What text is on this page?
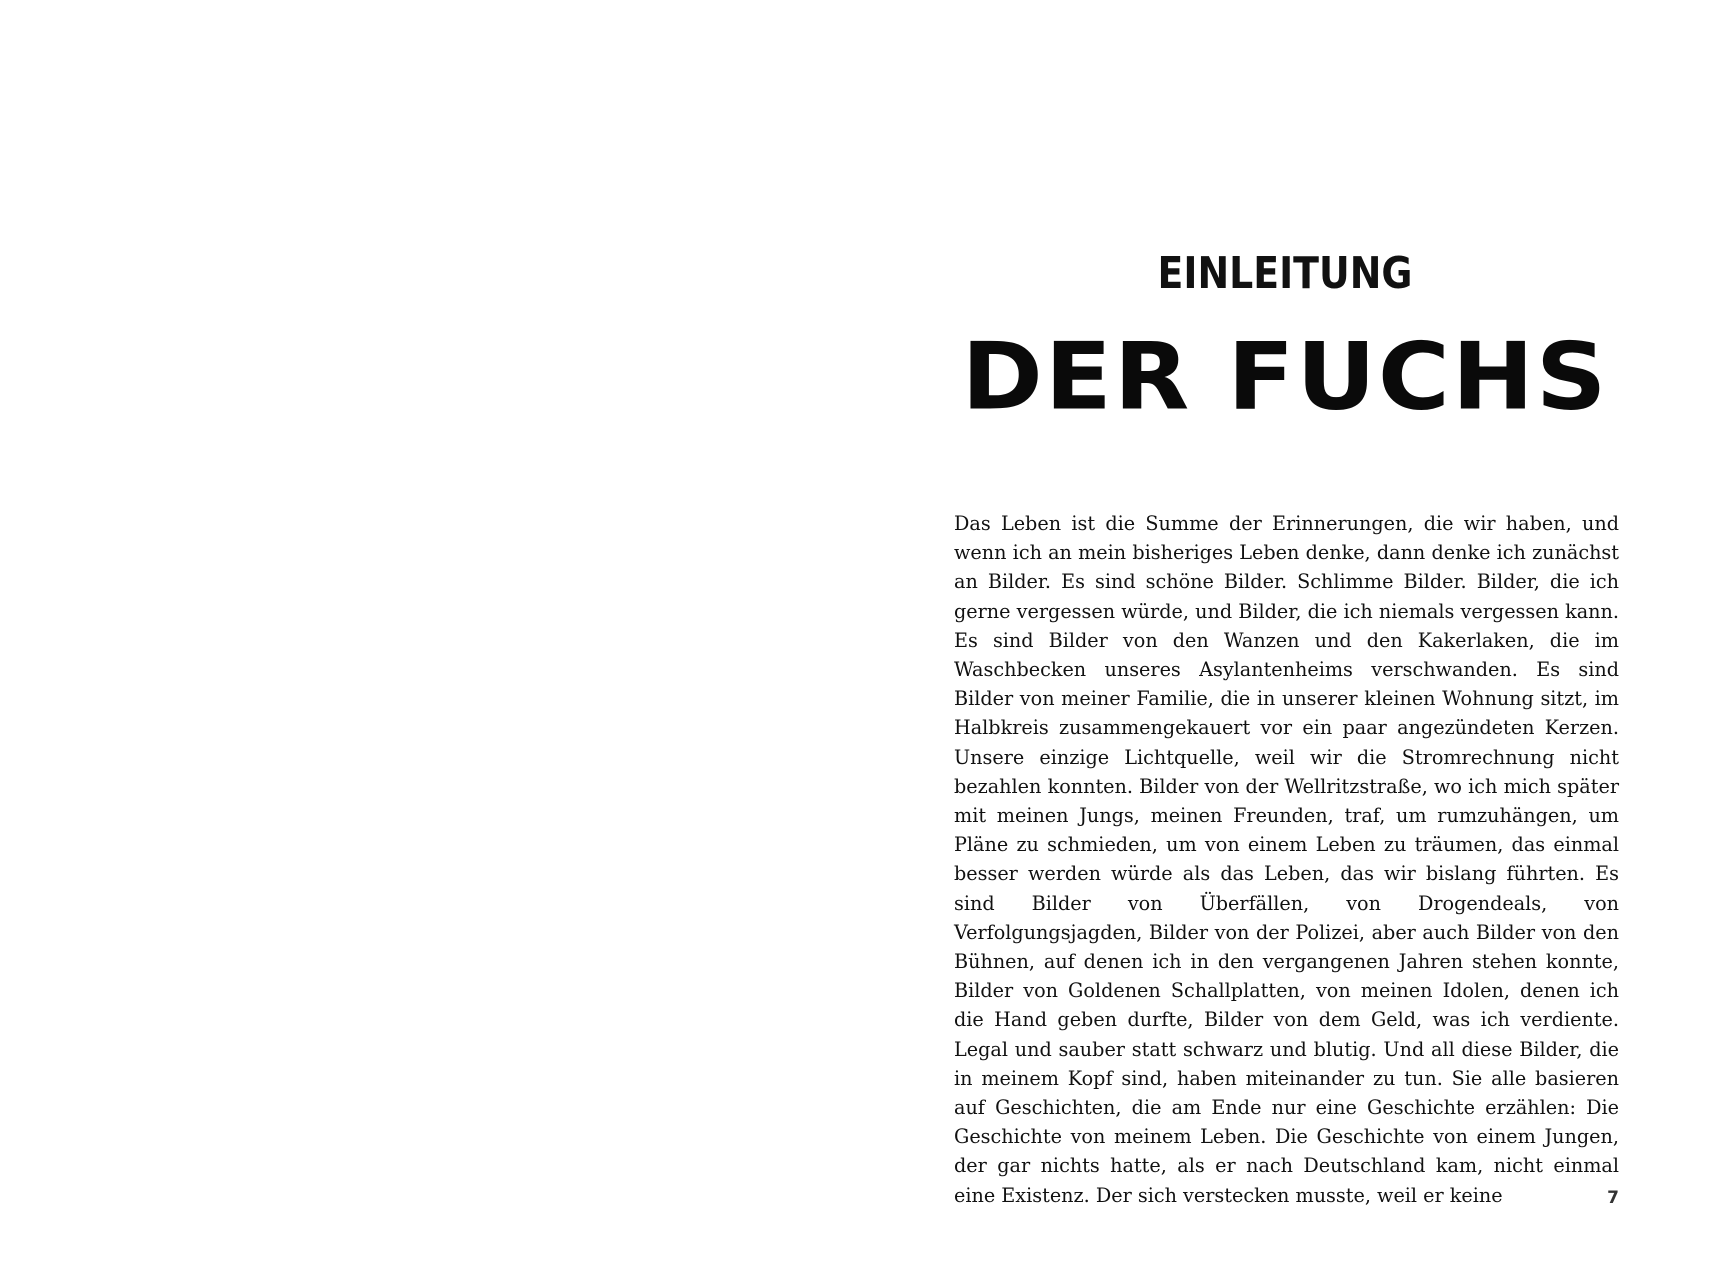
EINLEITUNG
DER FUCHS

Das Leben ist die Summe der Erinnerungen, die wir haben, und wenn ich an mein bisheriges Leben denke, dann denke ich zunächst an Bilder. Es sind schöne Bilder. Schlimme Bilder. Bilder, die ich gerne vergessen würde, und Bilder, die ich niemals vergessen kann. Es sind Bilder von den Wanzen und den Kakerlaken, die im Waschbecken unseres Asylantenheims verschwanden. Es sind Bilder von meiner Familie, die in unserer kleinen Wohnung sitzt, im Halbkreis zusammengekauert vor ein paar angezündeten Kerzen. Unsere einzige Lichtquelle, weil wir die Stromrechnung nicht bezahlen konnten. Bilder von der Wellritzstraße, wo ich mich später mit meinen Jungs, meinen Freunden, traf, um rumzuhängen, um Pläne zu schmieden, um von einem Leben zu träumen, das einmal besser werden würde als das Leben, das wir bislang führten. Es sind Bilder von Überfällen, von Drogendeals, von Verfolgungsjagden, Bilder von der Polizei, aber auch Bilder von den Bühnen, auf denen ich in den vergangenen Jahren stehen konnte, Bilder von Goldenen Schallplatten, von meinen Idolen, denen ich die Hand geben durfte, Bilder von dem Geld, was ich verdiente. Legal und sauber statt schwarz und blutig. Und all diese Bilder, die in meinem Kopf sind, haben miteinander zu tun. Sie alle basieren auf Geschichten, die am Ende nur eine Geschichte erzählen: Die Geschichte von meinem Leben. Die Geschichte von einem Jungen, der gar nichts hatte, als er nach Deutschland kam, nicht einmal eine Existenz. Der sich verstecken musste, weil er keine	7
